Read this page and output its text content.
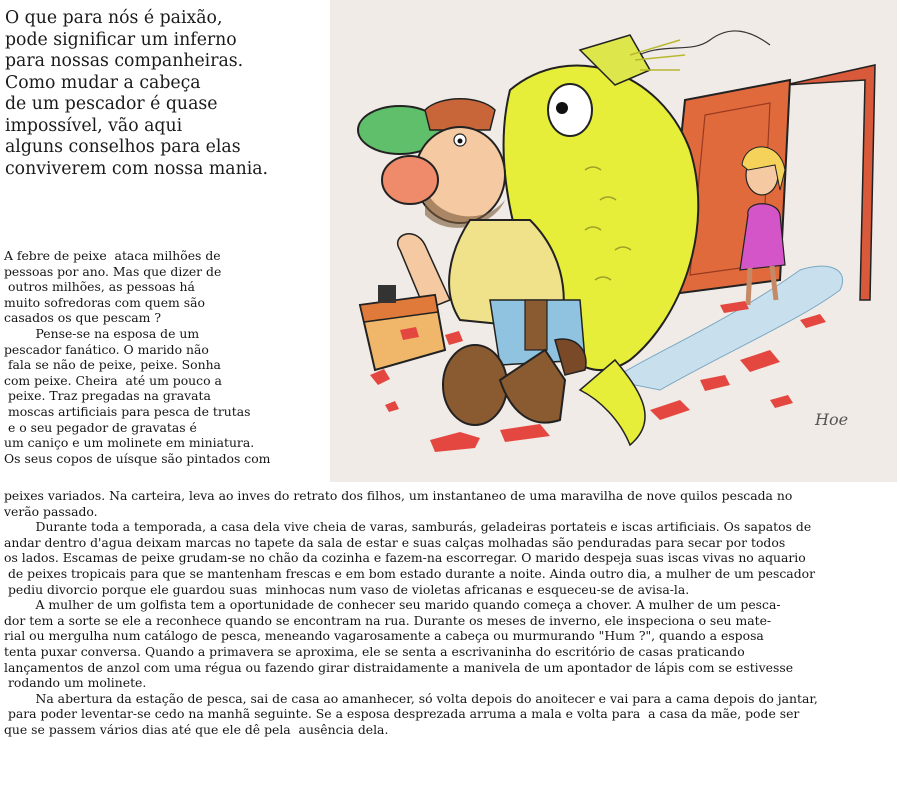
O que para nós é paixão,
pode significar um inferno
para nossas companheiras.
Como mudar a cabeça
de um pescador é quase
impossível, vão aqui
alguns conselhos para elas
conviverem com nossa mania.
A febre de peixe  ataca milhões de
pessoas por ano. Mas que dizer de
outros milhões, as pessoas há
muito sofredoras com quem são
casados os que pescam ?
Pense-se na esposa de um
pescador fanático. O marido não
fala se não de peixe, peixe. Sonha
com peixe. Cheira  até um pouco a
peixe. Traz pregadas na gravata
moscas artificiais para pesca de trutas
e o seu pegador de gravatas é
um caniço e um molinete em miniatura.
Os seus copos de uísque são pintados com
peixes variados. Na carteira, leva ao inves do retrato dos filhos, um instantaneo de uma maravilha de nove quilos pescada no
verão passado.
Durante toda a temporada, a casa dela vive cheia de varas, samburás, geladeiras portateis e iscas artificiais. Os sapatos de
andar dentro d'agua deixam marcas no tapete da sala de estar e suas calças molhadas são penduradas para secar por todos
os lados. Escamas de peixe grudam-se no chão da cozinha e fazem-na escorregar. O marido despeja suas iscas vivas no aquario
de peixes tropicais para que se mantenham frescas e em bom estado durante a noite. Ainda outro dia, a mulher de um pescador
pediu divorcio porque ele guardou suas  minhocas num vaso de violetas africanas e esqueceu-se de avisa-la.
A mulher de um golfista tem a oportunidade de conhecer seu marido quando começa a chover. A mulher de um pesca-
dor tem a sorte se ele a reconhece quando se encontram na rua. Durante os meses de inverno, ele inspeciona o seu mate-
rial ou mergulha num catálogo de pesca, meneando vagarosamente a cabeça ou murmurando "Hum ?", quando a esposa
tenta puxar conversa. Quando a primavera se aproxima, ele se senta a escrivaninha do escritório de casas praticando
lançamentos de anzol com uma régua ou fazendo girar distraidamente a manivela de um apontador de lápis com se estivesse
rodando um molinete.
Na abertura da estação de pesca, sai de casa ao amanhecer, só volta depois do anoitecer e vai para a cama depois do jantar,
para poder leventar-se cedo na manhã seguinte. Se a esposa desprezada arruma a mala e volta para  a casa da mãe, pode ser
que se passem vários dias até que ele dê pela  ausência dela.
Hoe
